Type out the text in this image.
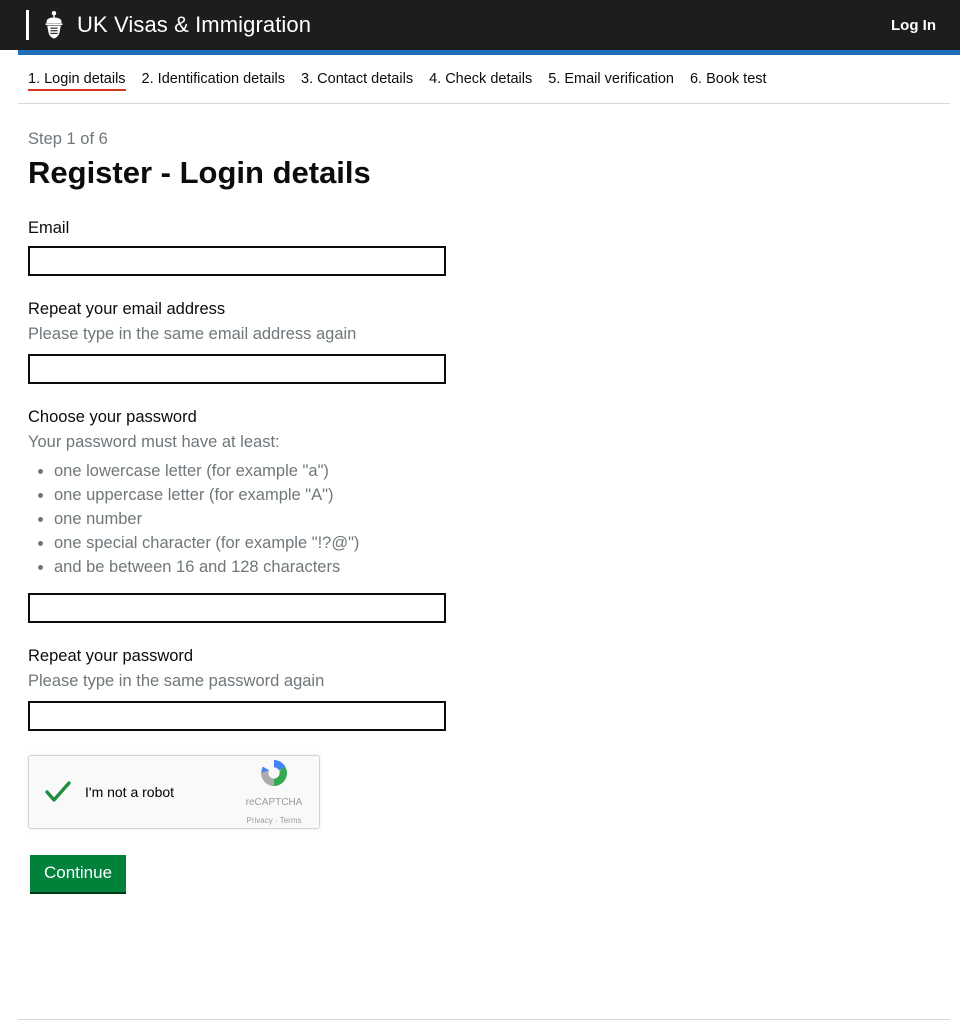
UK Visas & Immigration	Log In
1. Login details 2. Identification details 3. Contact details 4. Check details 5. Email verification 6. Book test
Step 1 of 6
Register - Login details
Email
Repeat your email address
Please type in the same email address again
Choose your password
Your password must have at least:
• one lowercase letter (for example "a")
• one uppercase letter (for example "A")
• one number
• one special character (for example "!?@")
• and be between 16 and 128 characters
Repeat your password
Please type in the same password again
I'm not a robot
reCAPTCHA Privacy · Terms
Continue
